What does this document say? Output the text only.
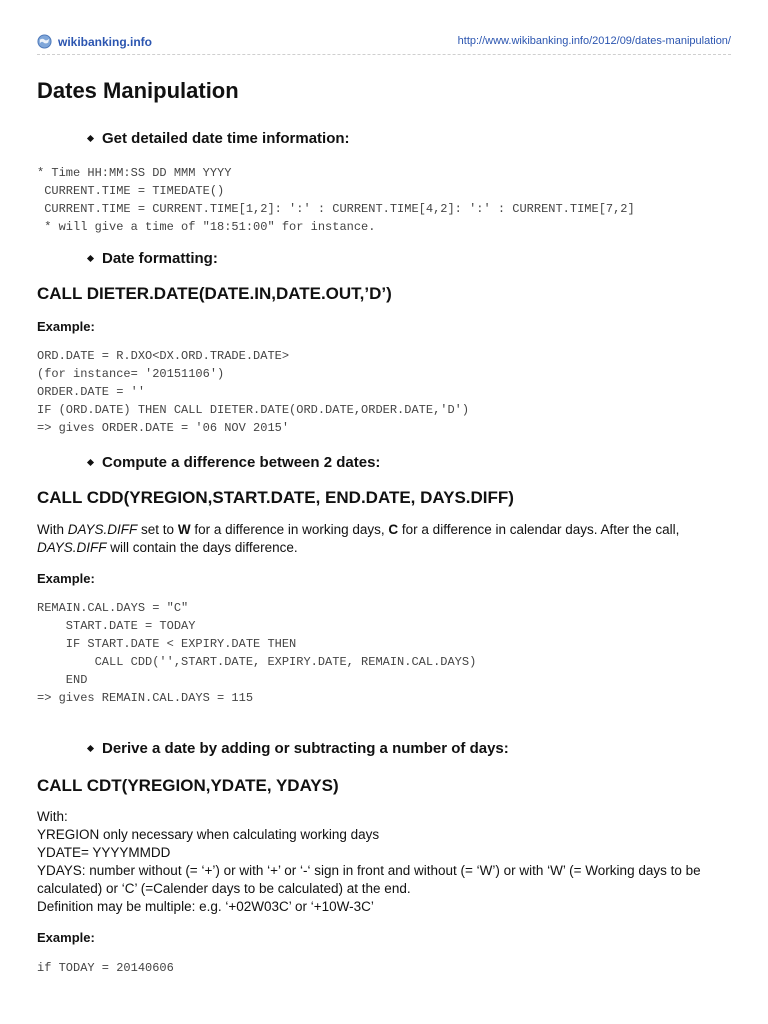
wikibanking.info	http://www.wikibanking.info/2012/09/dates-manipulation/
Dates Manipulation
Get detailed date time information:
* Time HH:MM:SS DD MMM YYYY
CURRENT.TIME = TIMEDATE()
CURRENT.TIME = CURRENT.TIME[1,2]: ':' : CURRENT.TIME[4,2]: ':' : CURRENT.TIME[7,2]
* will give a time of "18:51:00" for instance.
Date formatting:
CALL DIETER.DATE(DATE.IN,DATE.OUT,’D’)
Example:
ORD.DATE = R.DXO<DX.ORD.TRADE.DATE>
(for instance= '20151106')
ORDER.DATE = ''
IF (ORD.DATE) THEN CALL DIETER.DATE(ORD.DATE,ORDER.DATE,'D')
=> gives ORDER.DATE = '06 NOV 2015'
Compute a difference between 2 dates:
CALL CDD(YREGION,START.DATE, END.DATE, DAYS.DIFF)
With DAYS.DIFF set to W for a difference in working days, C for a difference in calendar days. After the call, DAYS.DIFF will contain the days difference.
Example:
REMAIN.CAL.DAYS = "C"
START.DATE = TODAY
IF START.DATE < EXPIRY.DATE THEN
CALL CDD('',START.DATE, EXPIRY.DATE, REMAIN.CAL.DAYS)
END
=> gives REMAIN.CAL.DAYS = 115
Derive a date by adding or subtracting a number of days:
CALL CDT(YREGION,YDATE, YDAYS)
With:
YREGION only necessary when calculating working days
YDATE= YYYYMMDD
YDAYS: number without (= ‘+’) or with ‘+’ or ‘-‘ sign in front and without (= ‘W’) or with ‘W’ (= Working days to be calculated) or ‘C’ (=Calender days to be calculated) at the end.
Definition may be multiple: e.g. ‘+02W03C’ or ‘+10W-3C’
Example:
if TODAY = 20140606
